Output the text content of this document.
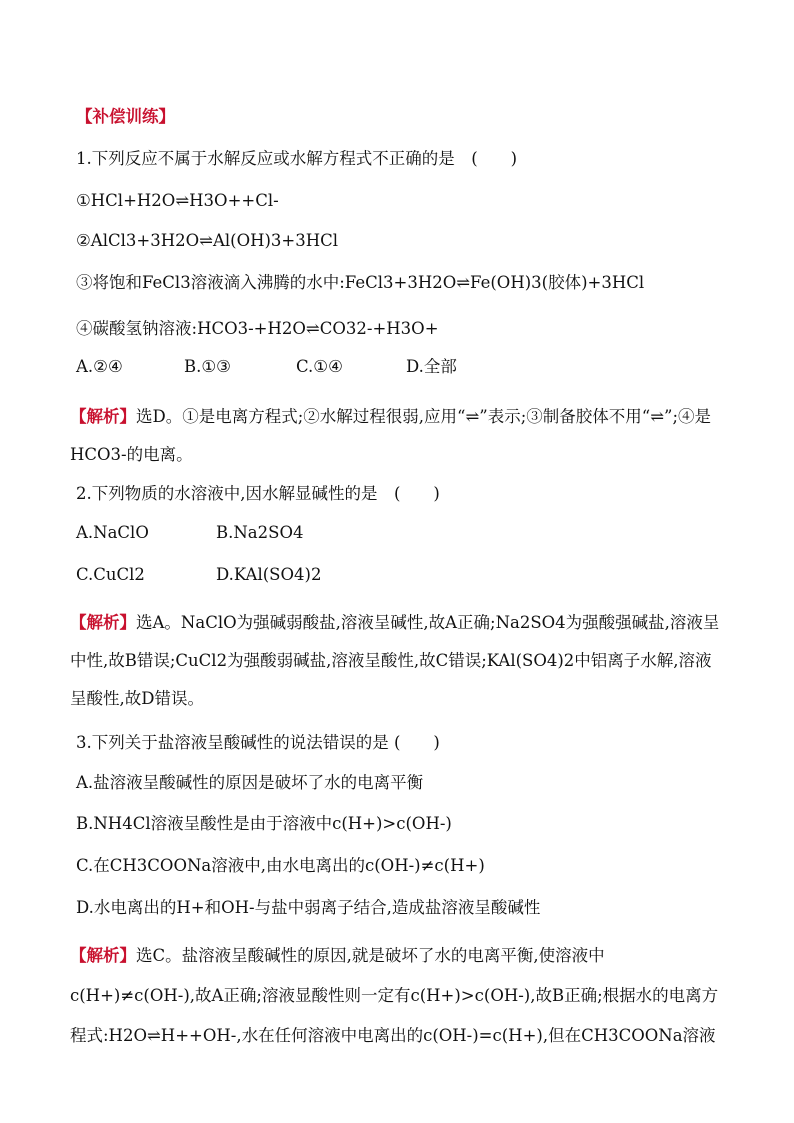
【补偿训练】
1.下列反应不属于水解反应或水解方程式不正确的是　(　　)
①HCl+H2O⇌H3O++Cl-
②AlCl3+3H2O⇌Al(OH)3+3HCl
③将饱和FeCl3溶液滴入沸腾的水中:FeCl3+3H2O⇌Fe(OH)3(胶体)+3HCl
④碳酸氢钠溶液:HCO3-+H2O⇌CO32-+H3O+
A.②④	B.①③	C.①④	D.全部
【解析】选D。①是电离方程式;②水解过程很弱,应用“⇌”表示;③制备胶体不用“⇌”;④是HCO3-的电离。
2.下列物质的水溶液中,因水解显碱性的是　(　　)
A.NaClO	B.Na2SO4
C.CuCl2	D.KAl(SO4)2
【解析】选A。NaClO为强碱弱酸盐,溶液呈碱性,故A正确;Na2SO4为强酸强碱盐,溶液呈中性,故B错误;CuCl2为强酸弱碱盐,溶液呈酸性,故C错误;KAl(SO4)2中铝离子水解,溶液呈酸性,故D错误。
3.下列关于盐溶液呈酸碱性的说法错误的是 (　　)
A.盐溶液呈酸碱性的原因是破坏了水的电离平衡
B.NH4Cl溶液呈酸性是由于溶液中c(H+)>c(OH-)
C.在CH3COONa溶液中,由水电离出的c(OH-)≠c(H+)
D.水电离出的H+和OH-与盐中弱离子结合,造成盐溶液呈酸碱性
【解析】选C。盐溶液呈酸碱性的原因,就是破坏了水的电离平衡,使溶液中c(H+)≠c(OH-),故A正确;溶液显酸性则一定有c(H+)>c(OH-),故B正确;根据水的电离方程式:H2O⇌H++OH-,水在任何溶液中电离出的c(OH-)=c(H+),但在CH3COONa溶液
